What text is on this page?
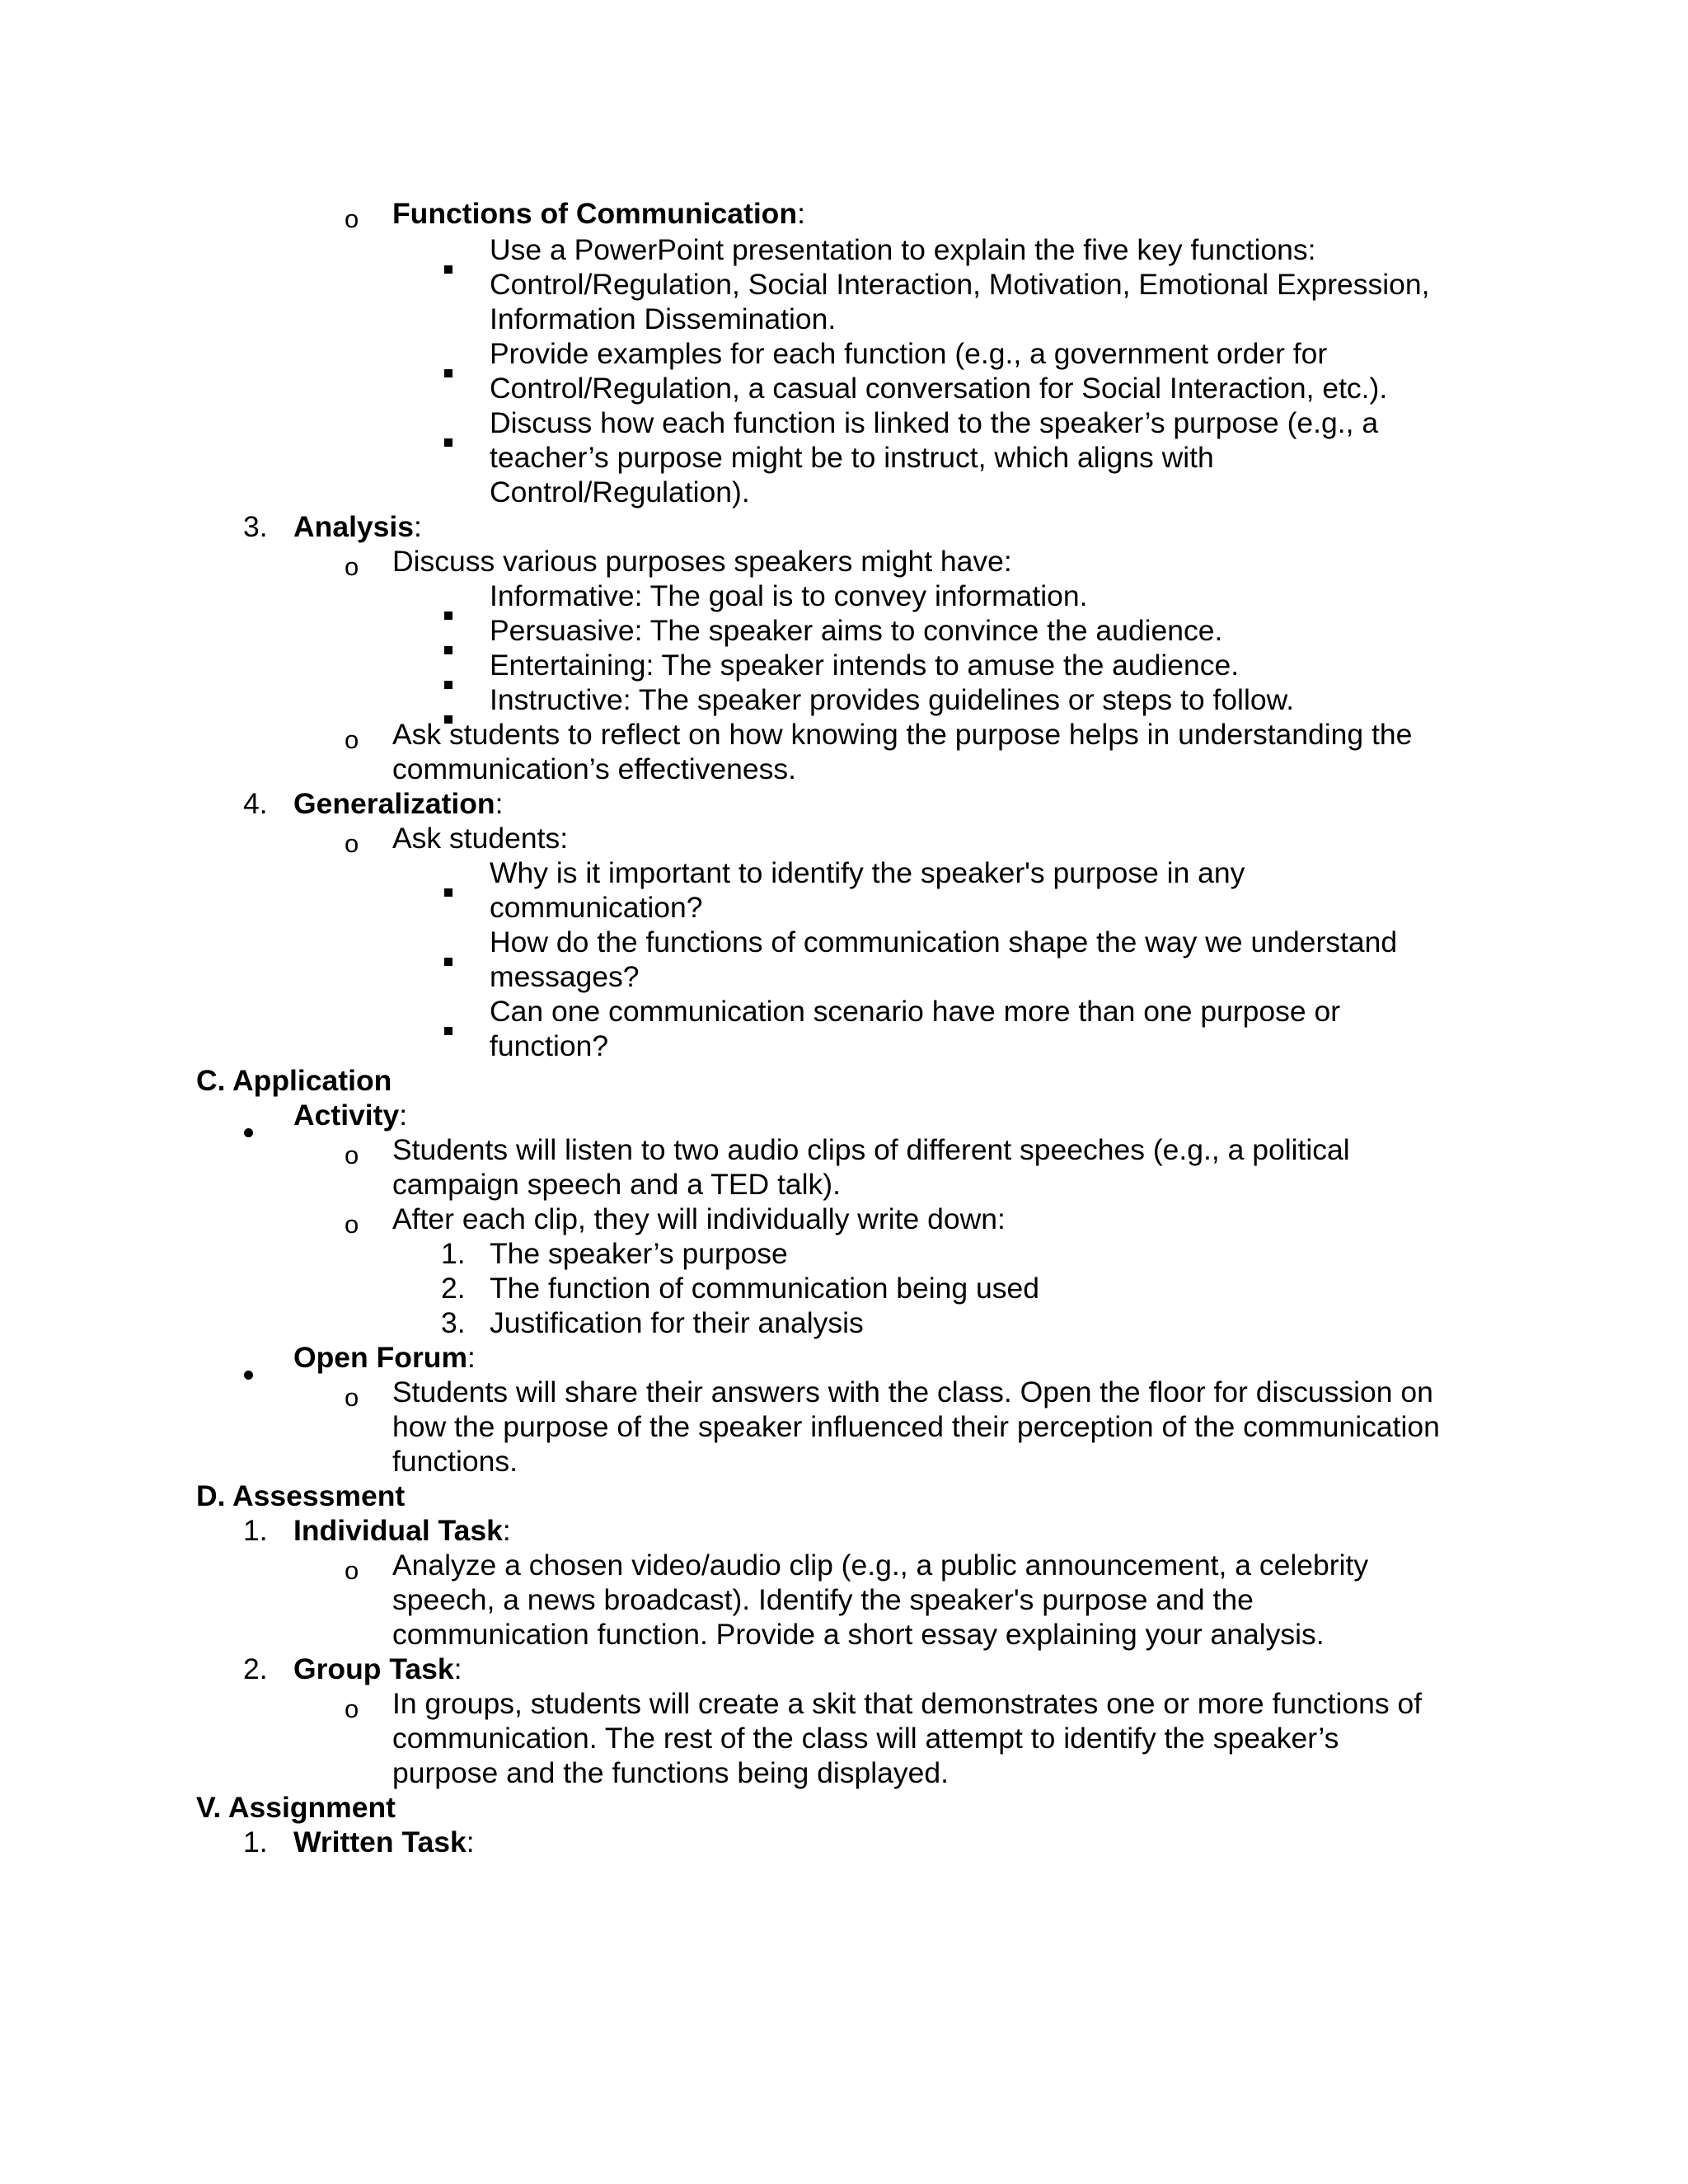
o Functions of Communication:
Use a PowerPoint presentation to explain the five key functions:
Control/Regulation, Social Interaction, Motivation, Emotional Expression,
Information Dissemination.
Provide examples for each function (e.g., a government order for
Control/Regulation, a casual conversation for Social Interaction, etc.).
Discuss how each function is linked to the speaker’s purpose (e.g., a
teacher’s purpose might be to instruct, which aligns with
Control/Regulation).
3. Analysis:
o Discuss various purposes speakers might have:
Informative: The goal is to convey information.
Persuasive: The speaker aims to convince the audience.
Entertaining: The speaker intends to amuse the audience.
Instructive: The speaker provides guidelines or steps to follow.
o Ask students to reflect on how knowing the purpose helps in understanding the
communication’s effectiveness.
4. Generalization:
o Ask students:
Why is it important to identify the speaker's purpose in any
communication?
How do the functions of communication shape the way we understand
messages?
Can one communication scenario have more than one purpose or
function?
C. Application
Activity:
o Students will listen to two audio clips of different speeches (e.g., a political
campaign speech and a TED talk).
o After each clip, they will individually write down:
1. The speaker’s purpose
2. The function of communication being used
3. Justification for their analysis
Open Forum:
o Students will share their answers with the class. Open the floor for discussion on
how the purpose of the speaker influenced their perception of the communication
functions.
D. Assessment
1. Individual Task:
o Analyze a chosen video/audio clip (e.g., a public announcement, a celebrity
speech, a news broadcast). Identify the speaker's purpose and the
communication function. Provide a short essay explaining your analysis.
2. Group Task:
o In groups, students will create a skit that demonstrates one or more functions of
communication. The rest of the class will attempt to identify the speaker’s
purpose and the functions being displayed.
V. Assignment
1. Written Task:
